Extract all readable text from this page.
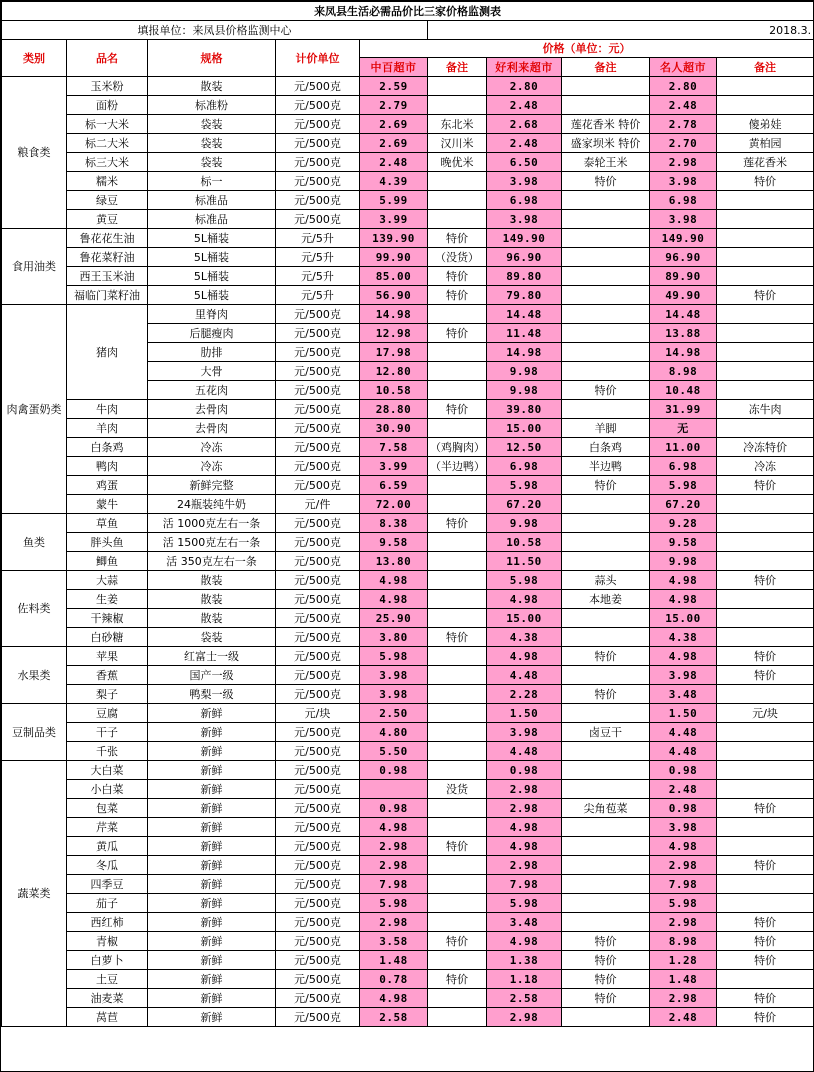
来凤县生活必需品价比三家价格监测表									
填报单位：来凤县价格监测中心					2018.3.				
类别	品名	规格	计价单位	价格（单位：元）					
				中百超市	备注	好利来超市	备注	名人超市	备注
粮食类	玉米粉	散装	元/500克	2.59		2.80		2.80	
	面粉	标准粉	元/500克	2.79		2.48		2.48	
	标一大米	袋装	元/500克	2.69	东北米	2.68	莲花香米 特价	2.78	傻弟娃
	标二大米	袋装	元/500克	2.69	汉川米	2.48	盛家坝米 特价	2.70	黄柏园
	标三大米	袋装	元/500克	2.48	晚优米	6.50	泰轮王米	2.98	莲花香米
	糯米	标一	元/500克	4.39		3.98	特价	3.98	特价
	绿豆	标准品	元/500克	5.99		6.98		6.98	
	黄豆	标准品	元/500克	3.99		3.98		3.98	
食用油类	鲁花花生油	5L桶装	元/5升	139.90	特价	149.90		149.90	
	鲁花菜籽油	5L桶装	元/5升	99.90	（没货）	96.90		96.90	
	西王玉米油	5L桶装	元/5升	85.00	特价	89.80		89.90	
	福临门菜籽油	5L桶装	元/5升	56.90	特价	79.80		49.90	特价
肉禽蛋奶类	猪肉	里脊肉	元/500克	14.98		14.48		14.48	
		后腿瘦肉	元/500克	12.98	特价	11.48		13.88	
		肋排	元/500克	17.98		14.98		14.98	
		大骨	元/500克	12.80		9.98		8.98	
		五花肉	元/500克	10.58		9.98	特价	10.48	
	牛肉	去骨肉	元/500克	28.80	特价	39.80		31.99	冻牛肉
	羊肉	去骨肉	元/500克	30.90		15.00	羊脚	无	
	白条鸡	冷冻	元/500克	7.58	（鸡胸肉）	12.50	白条鸡	11.00	冷冻特价
	鸭肉	冷冻	元/500克	3.99	（半边鸭）	6.98	半边鸭	6.98	冷冻
	鸡蛋	新鲜完整	元/500克	6.59		5.98	特价	5.98	特价
	蒙牛	24瓶装纯牛奶	元/件	72.00		67.20		67.20	
鱼类	草鱼	活 1000克左右一条	元/500克	8.38	特价	9.98		9.28	
	胖头鱼	活 1500克左右一条	元/500克	9.58		10.58		9.58	
	鲫鱼	活 350克左右一条	元/500克	13.80		11.50		9.98	
佐料类	大蒜	散装	元/500克	4.98		5.98	蒜头	4.98	特价
	生姜	散装	元/500克	4.98		4.98	本地姜	4.98	
	干辣椒	散装	元/500克	25.90		15.00		15.00	
	白砂糖	袋装	元/500克	3.80	特价	4.38		4.38	
水果类	苹果	红富士一级	元/500克	5.98		4.98	特价	4.98	特价
	香蕉	国产一级	元/500克	3.98		4.48		3.98	特价
	梨子	鸭梨一级	元/500克	3.98		2.28	特价	3.48	
豆制品类	豆腐	新鲜	元/块	2.50		1.50		1.50	元/块
	干子	新鲜	元/500克	4.80		3.98	卤豆干	4.48	
	千张	新鲜	元/500克	5.50		4.48		4.48	
蔬菜类	大白菜	新鲜	元/500克	0.98		0.98		0.98	
	小白菜	新鲜	元/500克		没货	2.98		2.48	
	包菜	新鲜	元/500克	0.98		2.98	尖角苞菜	0.98	特价
	芹菜	新鲜	元/500克	4.98		4.98		3.98	
	黄瓜	新鲜	元/500克	2.98	特价	4.98		4.98	
	冬瓜	新鲜	元/500克	2.98		2.98		2.98	特价
	四季豆	新鲜	元/500克	7.98		7.98		7.98	
	茄子	新鲜	元/500克	5.98		5.98		5.98	
	西红柿	新鲜	元/500克	2.98		3.48		2.98	特价
	青椒	新鲜	元/500克	3.58	特价	4.98	特价	8.98	特价
	白萝卜	新鲜	元/500克	1.48		1.38	特价	1.28	特价
	土豆	新鲜	元/500克	0.78	特价	1.18	特价	1.48	
	油麦菜	新鲜	元/500克	4.98		2.58	特价	2.98	特价
	莴苣	新鲜	元/500克	2.58		2.98		2.48	特价
